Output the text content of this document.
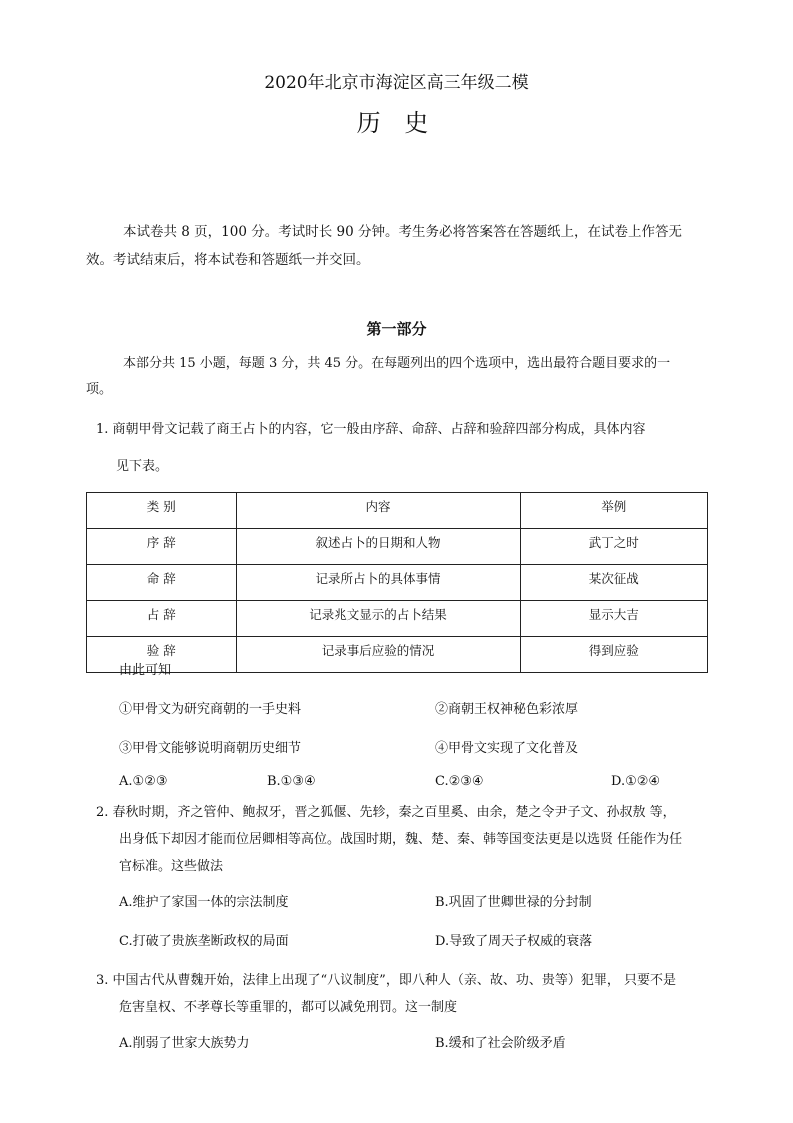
2020年北京市海淀区高三年级二模
历 史
本试卷共 8 页，100 分。考试时长 90 分钟。考生务必将答案答在答题纸上，在试卷上作答无
效。考试结束后，将本试卷和答题纸一并交回。
第一部分
本部分共 15 小题，每题 3 分，共 45 分。在每题列出的四个选项中，选出最符合题目要求的一
项。
1. 商朝甲骨文记载了商王占卜的内容，它一般由序辞、命辞、占辞和验辞四部分构成，具体内容
见下表。
类 别	内容	举例
序 辞	叙述占卜的日期和人物	武丁之时
命 辞	记录所占卜的具体事情	某次征战
占 辞	记录兆文显示的占卜结果	显示大吉
验 辞	记录事后应验的情况	得到应验
由此可知
①甲骨文为研究商朝的一手史料	②商朝王权神秘色彩浓厚
③甲骨文能够说明商朝历史细节	④甲骨文实现了文化普及
A.①②③	B.①③④	C.②③④	D.①②④
2. 春秋时期，齐之管仲、鲍叔牙，晋之狐偃、先轸，秦之百里奚、由余，楚之令尹子文、孙叔敖 等，
出身低下却因才能而位居卿相等高位。战国时期，魏、楚、秦、韩等国变法更是以选贤 任能作为任
官标准。这些做法
A.维护了家国一体的宗法制度	B.巩固了世卿世禄的分封制
C.打破了贵族垄断政权的局面	D.导致了周天子权威的衰落
3. 中国古代从曹魏开始，法律上出现了“八议制度”，即八种人（亲、故、功、贵等）犯罪， 只要不是
危害皇权、不孝尊长等重罪的，都可以减免刑罚。这一制度
A.削弱了世家大族势力	B.缓和了社会阶级矛盾
